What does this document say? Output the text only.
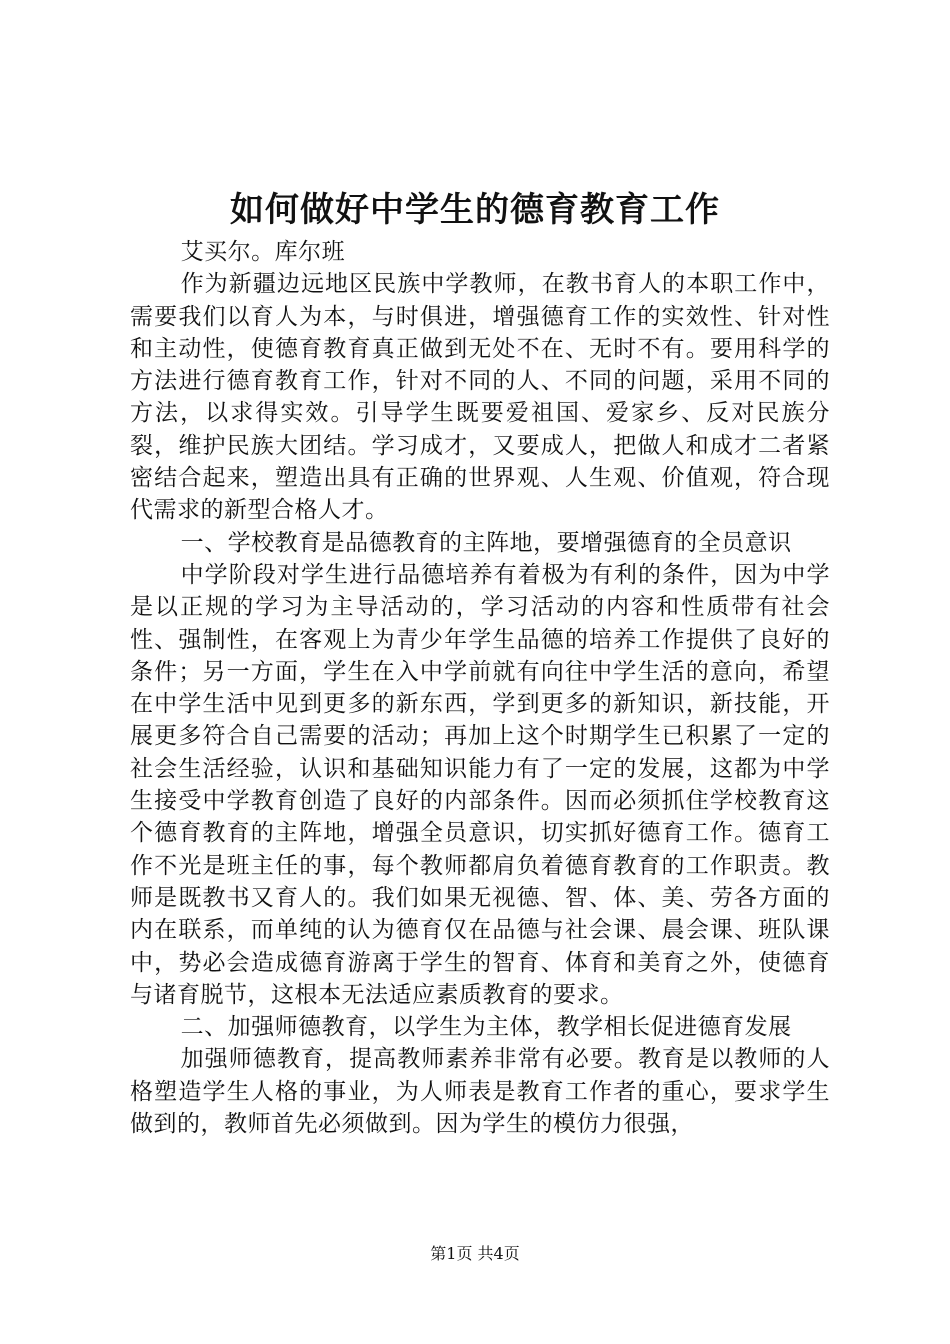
如何做好中学生的德育教育工作

艾买尔。库尔班

作为新疆边远地区民族中学教师，在教书育人的本职工作中，需要我们以育人为本，与时俱进，增强德育工作的实效性、针对性和主动性，使德育教育真正做到无处不在、无时不有。要用科学的方法进行德育教育工作，针对不同的人、不同的问题，采用不同的方法，以求得实效。引导学生既要爱祖国、爱家乡、反对民族分裂，维护民族大团结。学习成才，又要成人，把做人和成才二者紧密结合起来，塑造出具有正确的世界观、人生观、价值观，符合现代需求的新型合格人才。

一、学校教育是品德教育的主阵地，要增强德育的全员意识

中学阶段对学生进行品德培养有着极为有利的条件，因为中学是以正规的学习为主导活动的，学习活动的内容和性质带有社会性、强制性，在客观上为青少年学生品德的培养工作提供了良好的条件；另一方面，学生在入中学前就有向往中学生活的意向，希望在中学生活中见到更多的新东西，学到更多的新知识，新技能，开展更多符合自己需要的活动；再加上这个时期学生已积累了一定的社会生活经验，认识和基础知识能力有了一定的发展，这都为中学生接受中学教育创造了良好的内部条件。因而必须抓住学校教育这个德育教育的主阵地，增强全员意识，切实抓好德育工作。德育工作不光是班主任的事，每个教师都肩负着德育教育的工作职责。教师是既教书又育人的。我们如果无视德、智、体、美、劳各方面的内在联系，而单纯的认为德育仅在品德与社会课、晨会课、班队课中，势必会造成德育游离于学生的智育、体育和美育之外，使德育与诸育脱节，这根本无法适应素质教育的要求。

二、加强师德教育，以学生为主体，教学相长促进德育发展

加强师德教育，提高教师素养非常有必要。教育是以教师的人格塑造学生人格的事业，为人师表是教育工作者的重心，要求学生做到的，教师首先必须做到。因为学生的模仿力很强，

第1页 共4页
